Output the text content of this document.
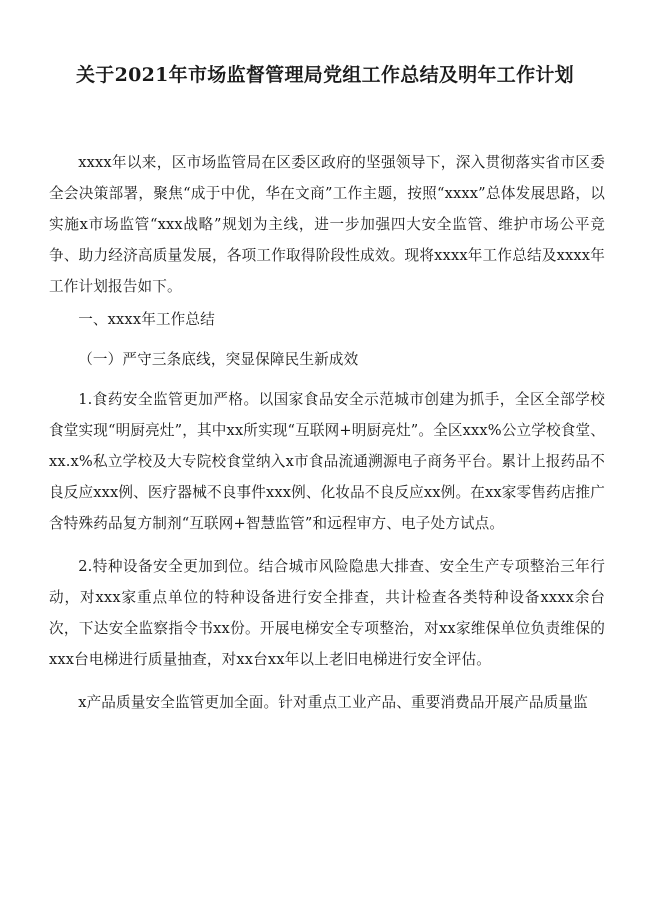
关于2021年市场监督管理局党组工作总结及明年工作计划

xxxx年以来，区市场监管局在区委区政府的坚强领导下，深入贯彻落实省市区委全会决策部署，聚焦“成于中优，华在文商”工作主题，按照“xxxx”总体发展思路，以实施x市场监管“xxx战略”规划为主线，进一步加强四大安全监管、维护市场公平竞争、助力经济高质量发展，各项工作取得阶段性成效。现将xxxx年工作总结及xxxx年工作计划报告如下。

一、xxxx年工作总结

（一）严守三条底线，突显保障民生新成效

1.食药安全监管更加严格。以国家食品安全示范城市创建为抓手，全区全部学校食堂实现“明厨亮灶”，其中xx所实现“互联网+明厨亮灶”。全区xxx%公立学校食堂、xx.x%私立学校及大专院校食堂纳入x市食品流通溯源电子商务平台。累计上报药品不良反应xxx例、医疗器械不良事件xxx例、化妆品不良反应xx例。在xx家零售药店推广含特殊药品复方制剂“互联网+智慧监管”和远程审方、电子处方试点。

2.特种设备安全更加到位。结合城市风险隐患大排查、安全生产专项整治三年行动，对xxx家重点单位的特种设备进行安全排查，共计检查各类特种设备xxxx余台次，下达安全监察指令书xx份。开展电梯安全专项整治，对xx家维保单位负责维保的xxx台电梯进行质量抽查，对xx台xx年以上老旧电梯进行安全评估。

x产品质量安全监管更加全面。针对重点工业产品、重要消费品开展产品质量监
